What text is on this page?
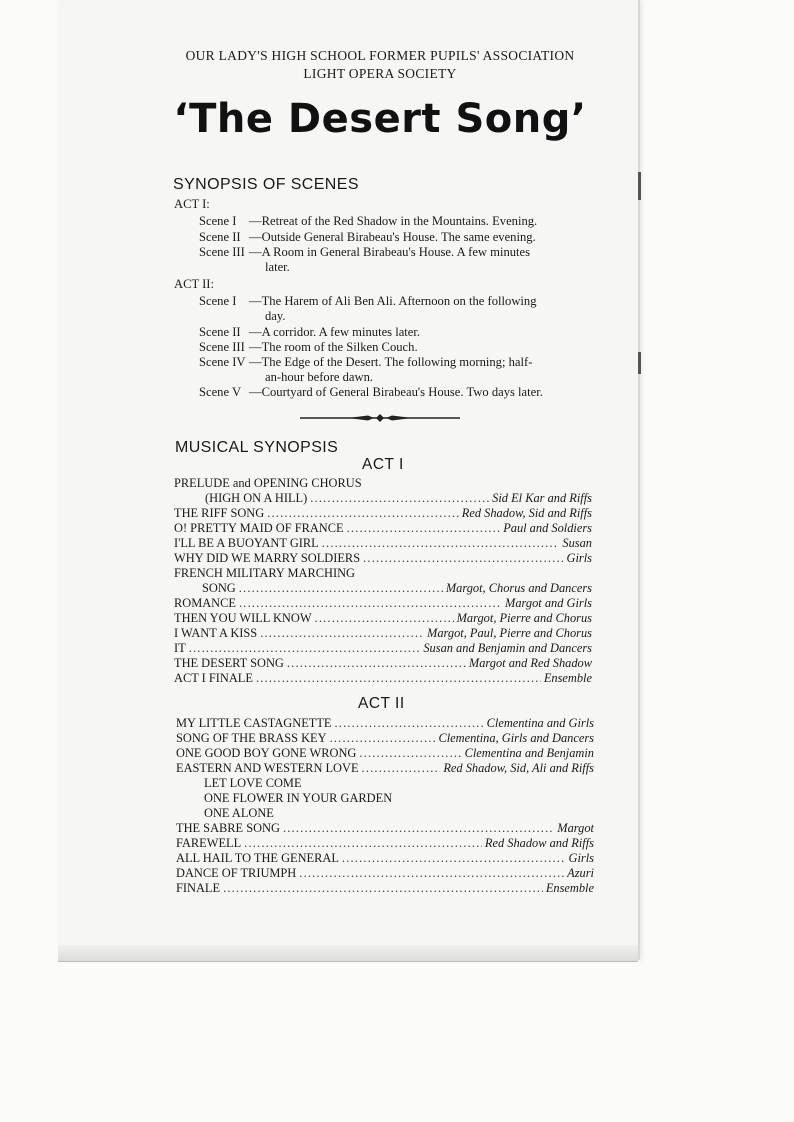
OUR LADY'S HIGH SCHOOL FORMER PUPILS' ASSOCIATION
LIGHT OPERA SOCIETY
‘The Desert Song’
SYNOPSIS OF SCENES
ACT I:
Scene I —Retreat of the Red Shadow in the Mountains. Evening.
Scene II —Outside General Birabeau's House. The same evening.
Scene III —A Room in General Birabeau's House. A few minutes
later.
ACT II:
Scene I —The Harem of Ali Ben Ali. Afternoon on the following
day.
Scene II —A corridor. A few minutes later.
Scene III —The room of the Silken Couch.
Scene IV —The Edge of the Desert. The following morning; half-
an-hour before dawn.
Scene V —Courtyard of General Birabeau's House. Two days later.
MUSICAL SYNOPSIS
ACT I
PRELUDE and OPENING CHORUS
(HIGH ON A HILL) .....	Sid El Kar and Riffs
THE RIFF SONG .....	Red Shadow, Sid and Riffs
O! PRETTY MAID OF FRANCE .....	Paul and Soldiers
I'LL BE A BUOYANT GIRL .....	Susan
WHY DID WE MARRY SOLDIERS .....	Girls
FRENCH MILITARY MARCHING
SONG .....	Margot, Chorus and Dancers
ROMANCE .....	Margot and Girls
THEN YOU WILL KNOW .....	Margot, Pierre and Chorus
I WANT A KISS .....	Margot, Paul, Pierre and Chorus
IT .....	Susan and Benjamin and Dancers
THE DESERT SONG .....	Margot and Red Shadow
ACT I FINALE .....	Ensemble
ACT II
MY LITTLE CASTAGNETTE .....	Clementina and Girls
SONG OF THE BRASS KEY .....	Clementina, Girls and Dancers
ONE GOOD BOY GONE WRONG .....	Clementina and Benjamin
EASTERN AND WESTERN LOVE .....	Red Shadow, Sid, Ali and Riffs
LET LOVE COME
ONE FLOWER IN YOUR GARDEN
ONE ALONE
THE SABRE SONG .....	Margot
FAREWELL .....	Red Shadow and Riffs
ALL HAIL TO THE GENERAL .....	Girls
DANCE OF TRIUMPH .....	Azuri
FINALE .....	Ensemble
